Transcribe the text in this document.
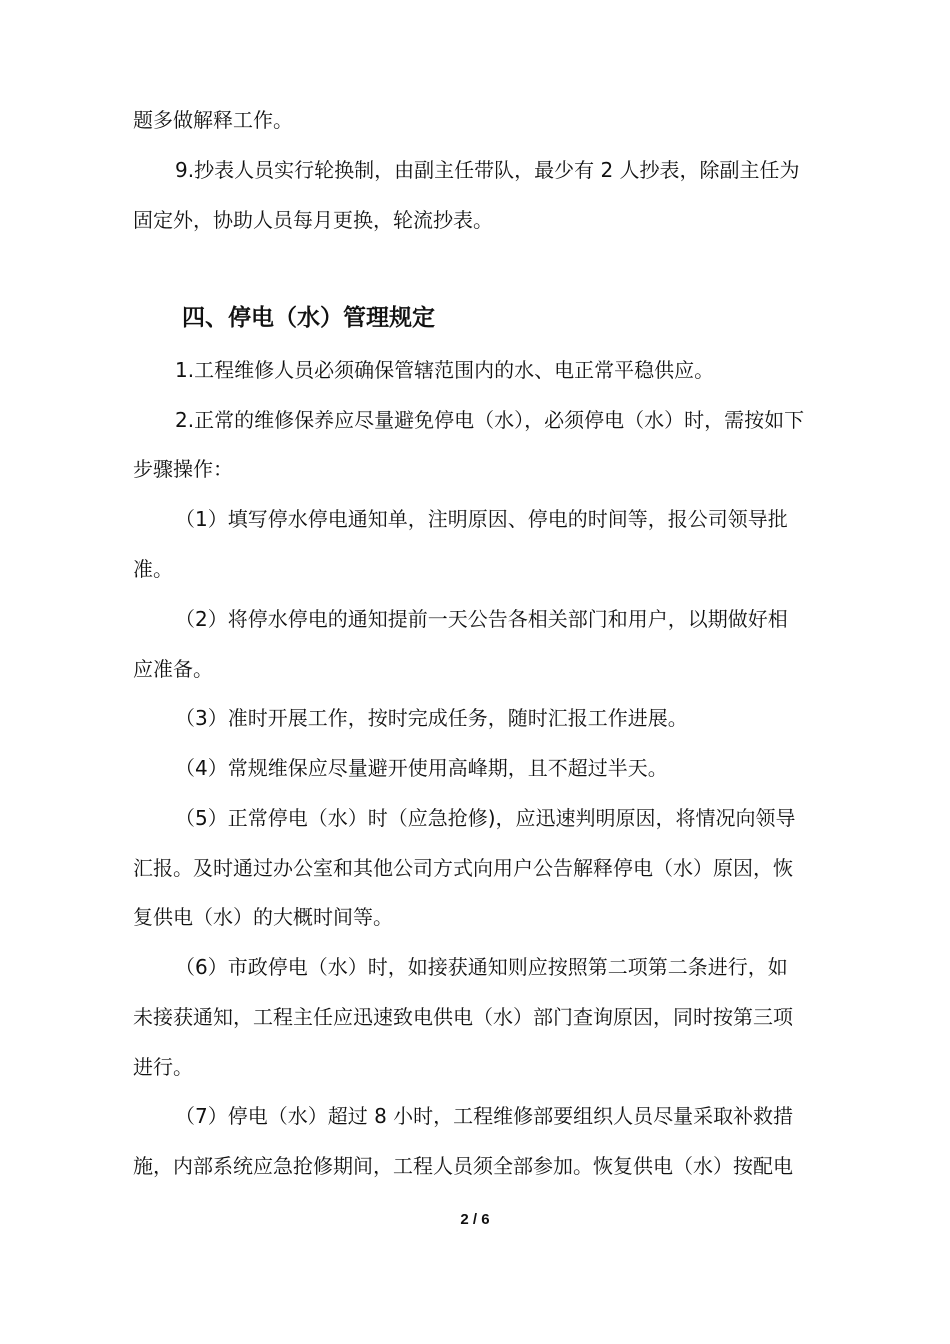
题多做解释工作。
9.抄表人员实行轮换制，由副主任带队，最少有 2 人抄表，除副主任为
固定外，协助人员每月更换，轮流抄表。
四、停电（水）管理规定
1.工程维修人员必须确保管辖范围内的水、电正常平稳供应。
2.正常的维修保养应尽量避免停电（水），必须停电（水）时，需按如下
步骤操作：
（1）填写停水停电通知单，注明原因、停电的时间等，报公司领导批
准。
（2）将停水停电的通知提前一天公告各相关部门和用户，以期做好相
应准备。
（3）准时开展工作，按时完成任务，随时汇报工作进展。
（4）常规维保应尽量避开使用高峰期，且不超过半天。
（5）正常停电（水）时（应急抢修)，应迅速判明原因，将情况向领导
汇报。及时通过办公室和其他公司方式向用户公告解释停电（水）原因，恢
复供电（水）的大概时间等。
（6）市政停电（水）时，如接获通知则应按照第二项第二条进行，如
未接获通知，工程主任应迅速致电供电（水）部门查询原因，同时按第三项
进行。
（7）停电（水）超过 8 小时，工程维修部要组织人员尽量采取补救措
施，内部系统应急抢修期间，工程人员须全部参加。恢复供电（水）按配电
2 / 6
